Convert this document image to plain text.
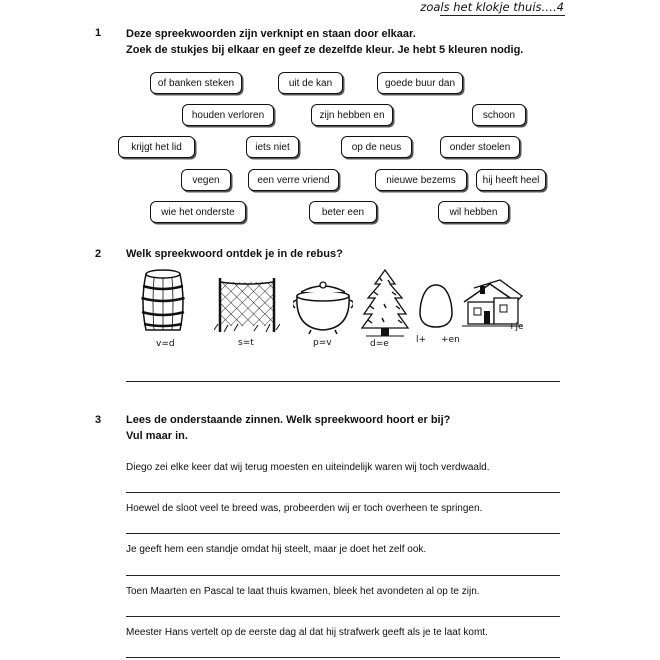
zoals het klokje thuis….4
1 Deze spreekwoorden zijn verknipt en staan door elkaar.
Zoek de stukjes bij elkaar en geef ze dezelfde kleur. Je hebt 5 kleuren nodig.
of banken steken	uit de kan	goede buur dan
houden verloren	zijn hebben en	schoon
krijgt het lid	iets niet	op de neus	onder stoelen
vegen	een verre vriend	nieuwe bezems	hij heeft heel
wie het onderste	beter een	wil hebben
2 Welk spreekwoord ontdek je in de rebus?
v=d	s=t	p=v	d=e	l+ +en
+je
3 Lees de onderstaande zinnen. Welk spreekwoord hoort er bij?
Vul maar in.
Diego zei elke keer dat wij terug moesten en uiteindelijk waren wij toch verdwaald.
Hoewel de sloot veel te breed was, probeerden wij er toch overheen te springen.
Je geeft hem een standje omdat hij steelt, maar je doet het zelf ook.
Toen Maarten en Pascal te laat thuis kwamen, bleek het avondeten al op te zijn.
Meester Hans vertelt op de eerste dag al dat hij strafwerk geeft als je te laat komt.
